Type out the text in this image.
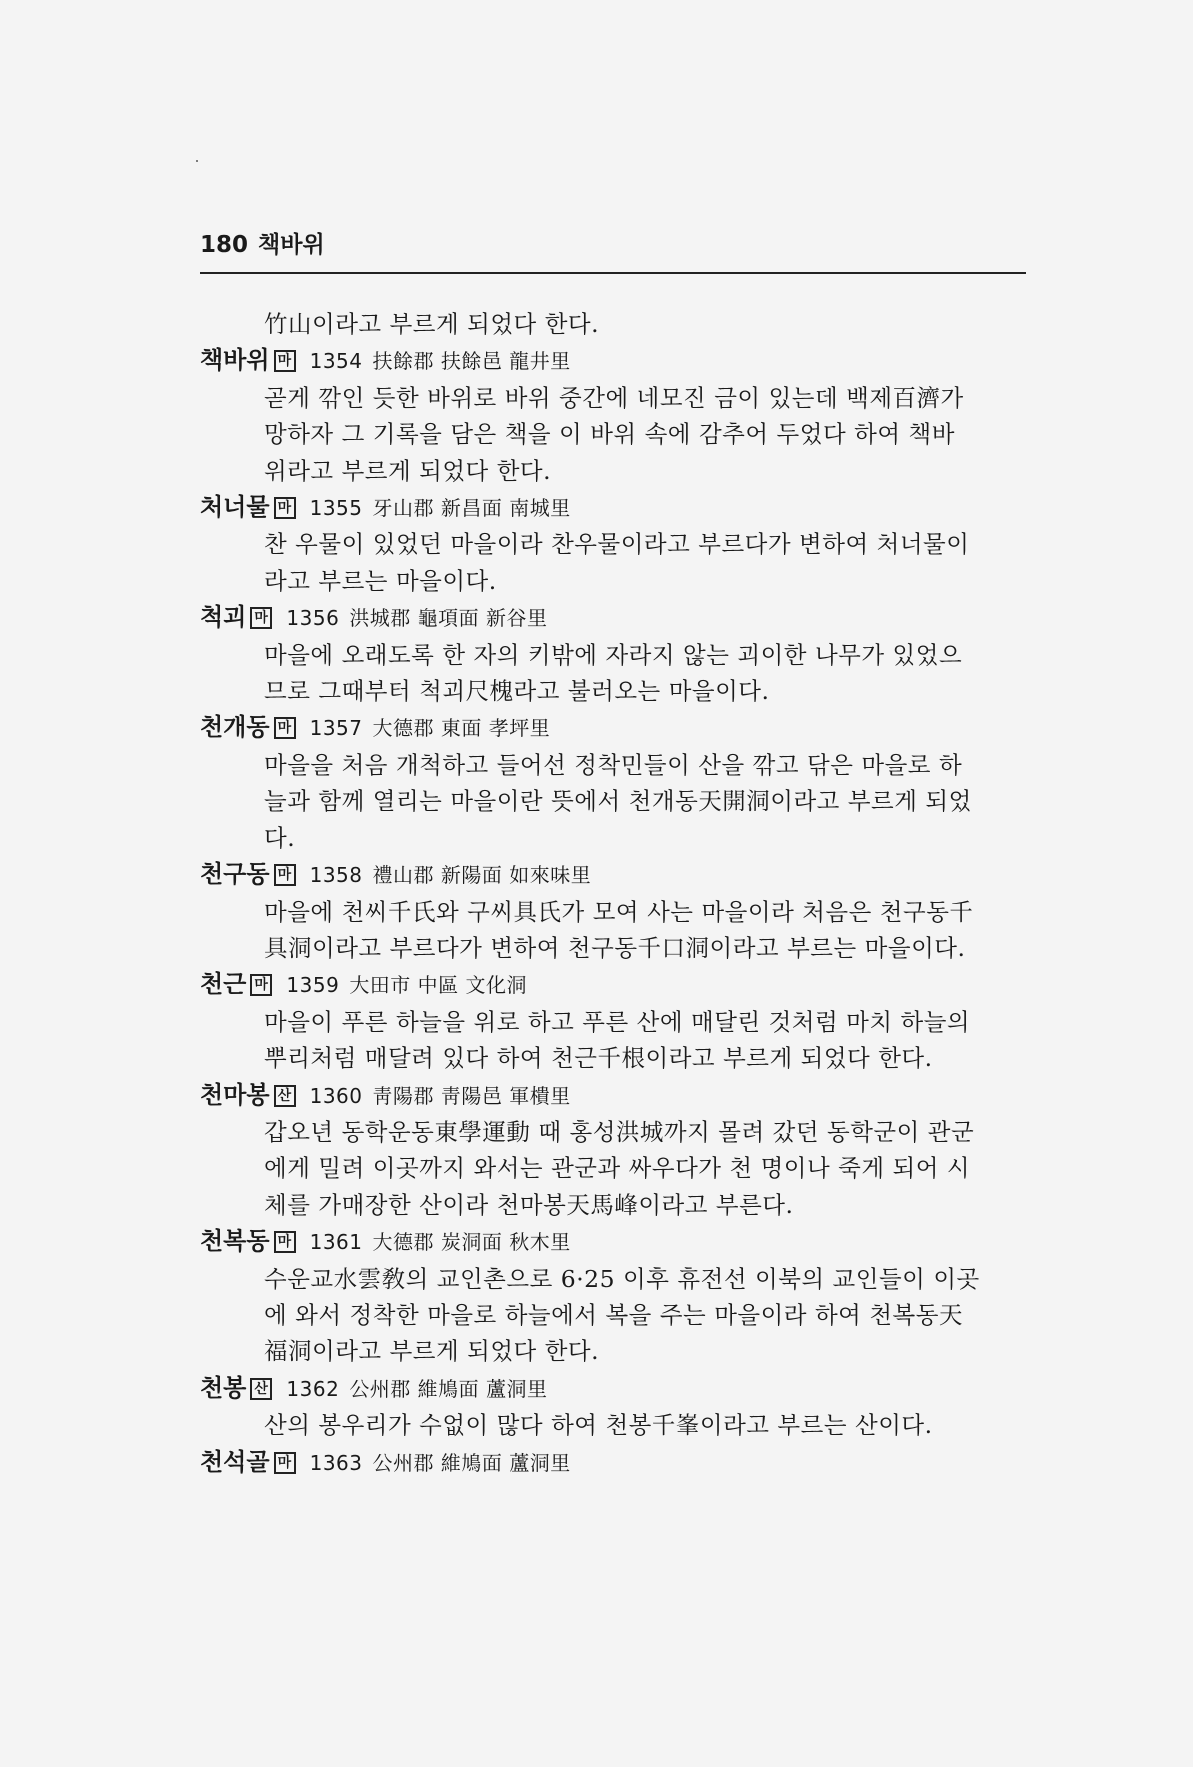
180 책바위
竹山이라고 부르게 되었다 한다.
책바위 마 1354 扶餘郡 扶餘邑 龍井里
곧게 깎인 듯한 바위로 바위 중간에 네모진 금이 있는데 백제百濟가
망하자 그 기록을 담은 책을 이 바위 속에 감추어 두었다 하여 책바
위라고 부르게 되었다 한다.
처너물 마 1355 牙山郡 新昌面 南城里
찬 우물이 있었던 마을이라 찬우물이라고 부르다가 변하여 처너물이
라고 부르는 마을이다.
척괴 마 1356 洪城郡 龜項面 新谷里
마을에 오래도록 한 자의 키밖에 자라지 않는 괴이한 나무가 있었으
므로 그때부터 척괴尺槐라고 불러오는 마을이다.
천개동 마 1357 大德郡 東面 孝坪里
마을을 처음 개척하고 들어선 정착민들이 산을 깎고 닦은 마을로 하
늘과 함께 열리는 마을이란 뜻에서 천개동天開洞이라고 부르게 되었
다.
천구동 마 1358 禮山郡 新陽面 如來味里
마을에 천씨千氏와 구씨具氏가 모여 사는 마을이라 처음은 천구동千
具洞이라고 부르다가 변하여 천구동千口洞이라고 부르는 마을이다.
천근 마 1359 大田市 中區 文化洞
마을이 푸른 하늘을 위로 하고 푸른 산에 매달린 것처럼 마치 하늘의
뿌리처럼 매달려 있다 하여 천근千根이라고 부르게 되었다 한다.
천마봉 산 1360 靑陽郡 靑陽邑 軍樻里
갑오년 동학운동東學運動 때 홍성洪城까지 몰려 갔던 동학군이 관군
에게 밀려 이곳까지 와서는 관군과 싸우다가 천 명이나 죽게 되어 시
체를 가매장한 산이라 천마봉天馬峰이라고 부른다.
천복동 마 1361 大德郡 炭洞面 秋木里
수운교水雲敎의 교인촌으로 6·25 이후 휴전선 이북의 교인들이 이곳
에 와서 정착한 마을로 하늘에서 복을 주는 마을이라 하여 천복동天
福洞이라고 부르게 되었다 한다.
천봉 산 1362 公州郡 維鳩面 蘆洞里
산의 봉우리가 수없이 많다 하여 천봉千峯이라고 부르는 산이다.
천석골 마 1363 公州郡 維鳩面 蘆洞里
